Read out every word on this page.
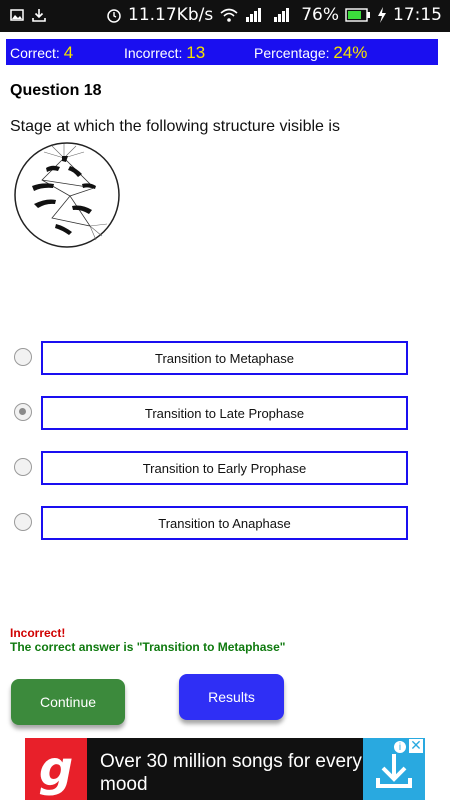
11.17Kb/s	76%	17:15
Correct: 4	Incorrect: 13	Percentage: 24%
Question 18
Stage at which the following structure visible is
Transition to Metaphase
Transition to Late Prophase
Transition to Early Prophase
Transition to Anaphase
Incorrect!
The correct answer is "Transition to Metaphase"
Continue	Results
g	Over 30 million songs for every mood
i ✕
